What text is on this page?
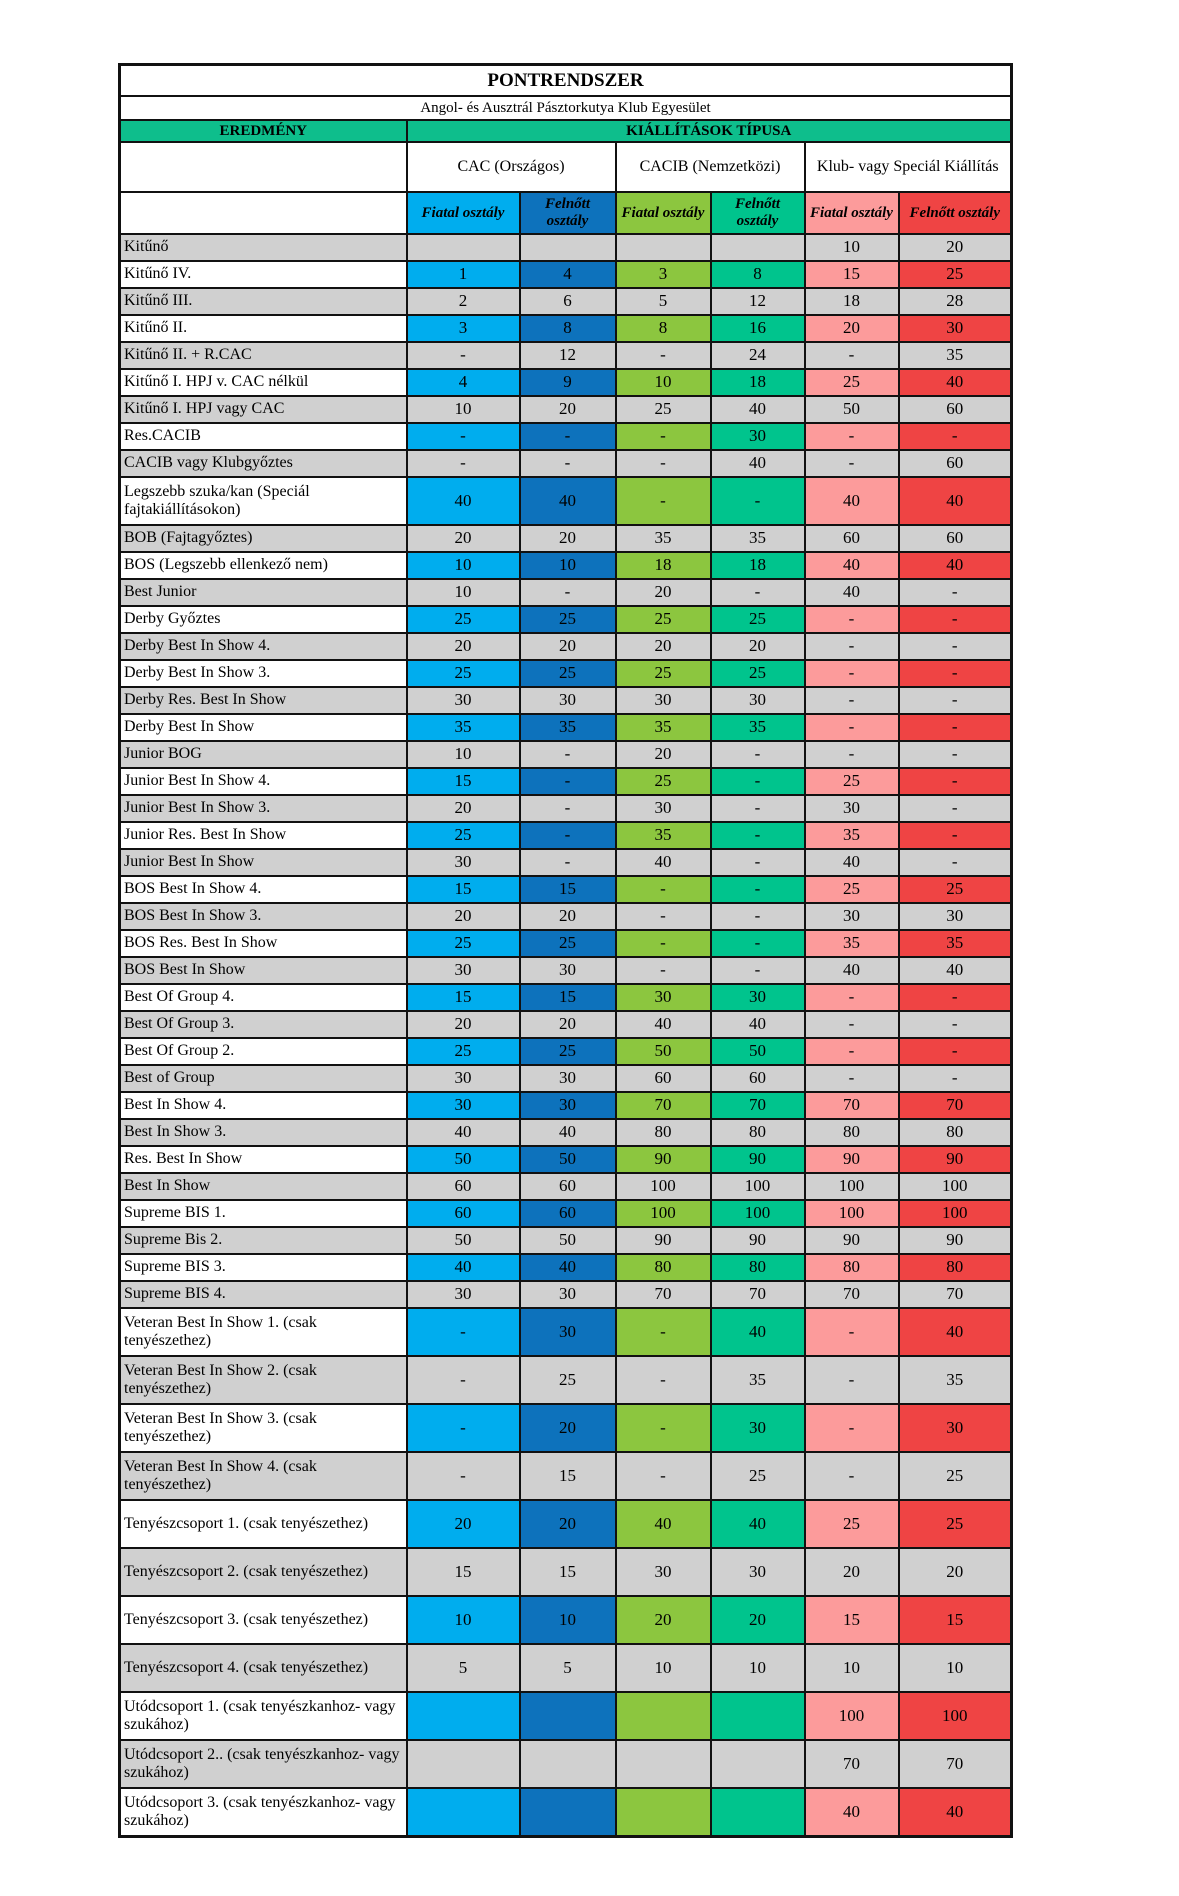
PONTRENDSZER						
Angol- és Ausztrál Pásztorkutya Klub Egyesület						
EREDMÉNY	KIÁLLÍTÁSOK TÍPUSA					
	CAC (Országos)		CACIB (Nemzetközi)		Klub- vagy Speciál Kiállítás	
	Fiatal osztály	Felnőtt osztály	Fiatal osztály	Felnőtt osztály	Fiatal osztály	Felnőtt osztály
Kitűnő					10	20
Kitűnő IV.	1	4	3	8	15	25
Kitűnő III.	2	6	5	12	18	28
Kitűnő II.	3	8	8	16	20	30
Kitűnő II. + R.CAC	-	12	-	24	-	35
Kitűnő I. HPJ v. CAC nélkül	4	9	10	18	25	40
Kitűnő I. HPJ vagy CAC	10	20	25	40	50	60
Res.CACIB	-	-	-	30	-	-
CACIB vagy Klubgyőztes	-	-	-	40	-	60
Legszebb szuka/kan (Speciál fajtakiállításokon)	40	40	-	-	40	40
BOB (Fajtagyőztes)	20	20	35	35	60	60
BOS (Legszebb ellenkező nem)	10	10	18	18	40	40
Best Junior	10	-	20	-	40	-
Derby Győztes	25	25	25	25	-	-
Derby Best In Show 4.	20	20	20	20	-	-
Derby Best In Show 3.	25	25	25	25	-	-
Derby Res. Best In Show	30	30	30	30	-	-
Derby Best In Show	35	35	35	35	-	-
Junior BOG	10	-	20	-	-	-
Junior Best In Show 4.	15	-	25	-	25	-
Junior Best In Show 3.	20	-	30	-	30	-
Junior Res. Best In Show	25	-	35	-	35	-
Junior Best In Show	30	-	40	-	40	-
BOS Best In Show 4.	15	15	-	-	25	25
BOS Best In Show 3.	20	20	-	-	30	30
BOS Res. Best In Show	25	25	-	-	35	35
BOS Best In Show	30	30	-	-	40	40
Best Of Group 4.	15	15	30	30	-	-
Best Of Group 3.	20	20	40	40	-	-
Best Of Group 2.	25	25	50	50	-	-
Best of Group	30	30	60	60	-	-
Best In Show 4.	30	30	70	70	70	70
Best In Show 3.	40	40	80	80	80	80
Res. Best In Show	50	50	90	90	90	90
Best In Show	60	60	100	100	100	100
Supreme BIS 1.	60	60	100	100	100	100
Supreme Bis 2.	50	50	90	90	90	90
Supreme BIS 3.	40	40	80	80	80	80
Supreme BIS 4.	30	30	70	70	70	70
Veteran Best In Show 1. (csak tenyészethez)	-	30	-	40	-	40
Veteran Best In Show 2. (csak tenyészethez)	-	25	-	35	-	35
Veteran Best In Show 3. (csak tenyészethez)	-	20	-	30	-	30
Veteran Best In Show 4. (csak tenyészethez)	-	15	-	25	-	25
Tenyészcsoport 1. (csak tenyészethez)	20	20	40	40	25	25
Tenyészcsoport 2. (csak tenyészethez)	15	15	30	30	20	20
Tenyészcsoport 3. (csak tenyészethez)	10	10	20	20	15	15
Tenyészcsoport 4. (csak tenyészethez)	5	5	10	10	10	10
Utódcsoport 1. (csak tenyészkanhoz- vagy szukához)					100	100
Utódcsoport 2.. (csak tenyészkanhoz- vagy szukához)					70	70
Utódcsoport 3. (csak tenyészkanhoz- vagy szukához)					40	40
